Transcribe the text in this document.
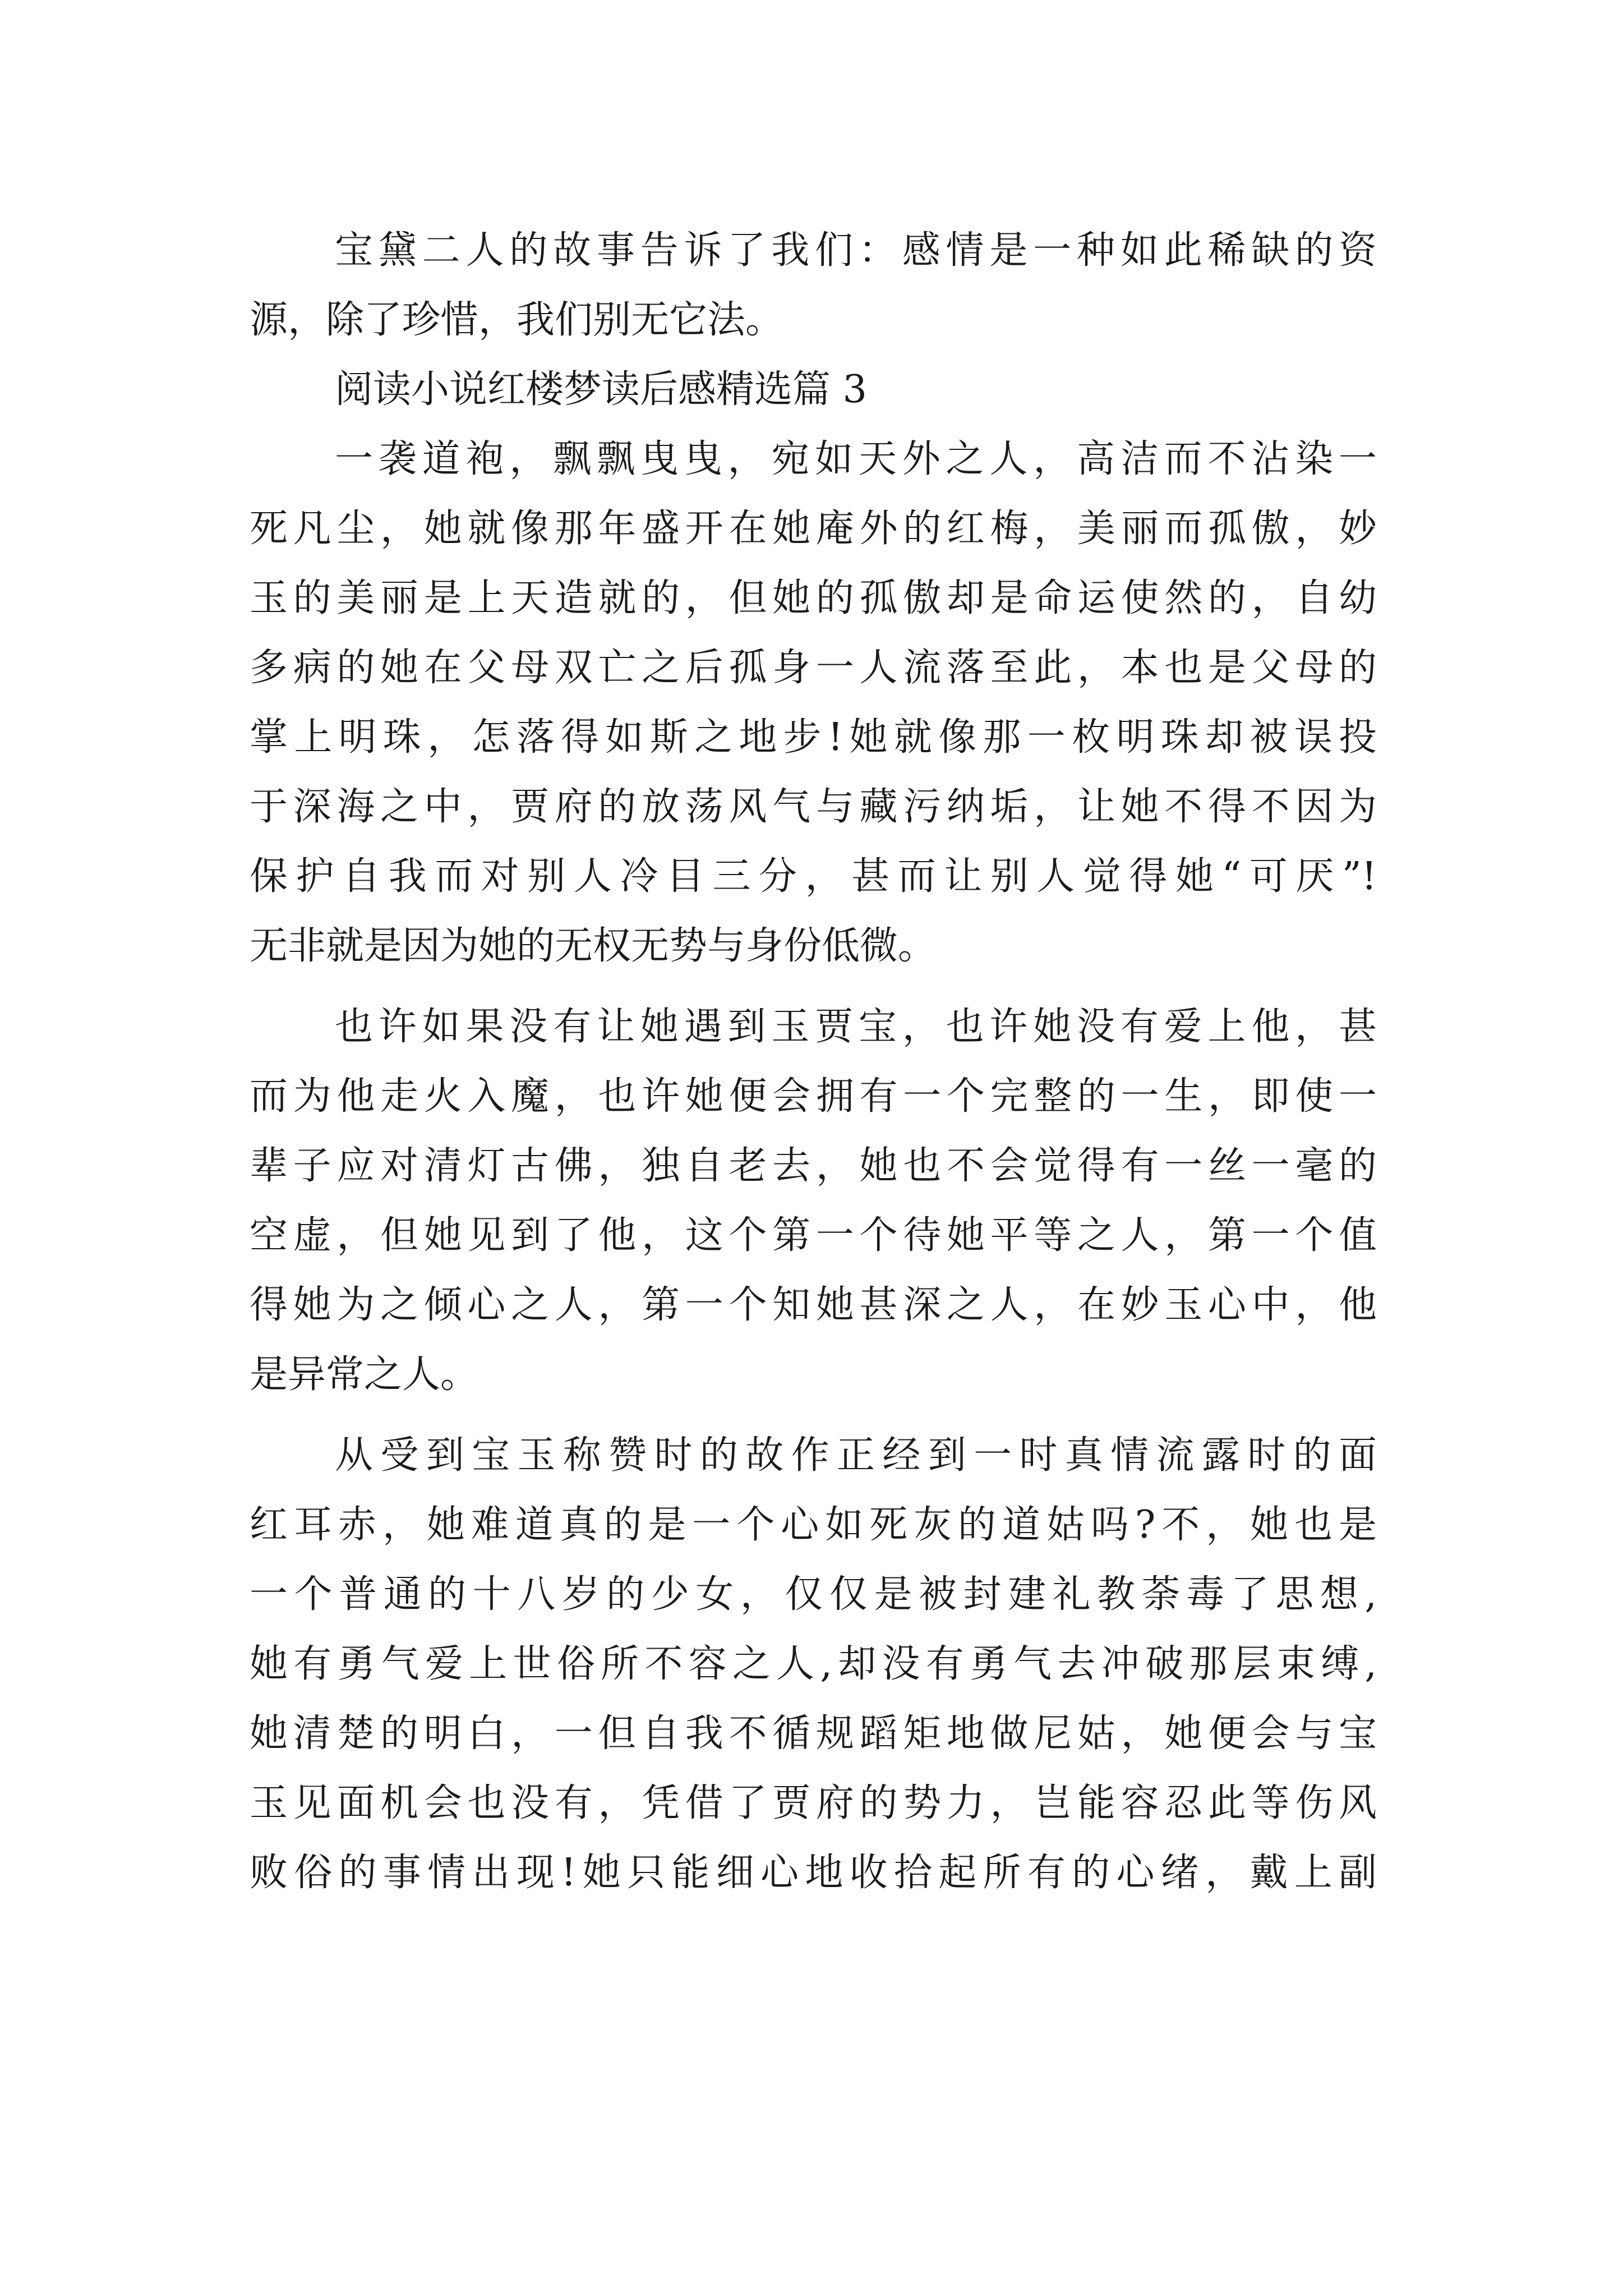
宝黛二人的故事告诉了我们：感情是一种如此稀缺的资
源，除了珍惜，我们别无它法。
阅读小说红楼梦读后感精选篇 3
一袭道袍，飘飘曳曳，宛如天外之人，高洁而不沾染一
死凡尘，她就像那年盛开在她庵外的红梅，美丽而孤傲，妙
玉的美丽是上天造就的，但她的孤傲却是命运使然的，自幼
多病的她在父母双亡之后孤身一人流落至此，本也是父母的
掌上明珠，怎落得如斯之地步!她就像那一枚明珠却被误投
于深海之中，贾府的放荡风气与藏污纳垢，让她不得不因为
保护自我而对别人冷目三分，甚而让别人觉得她“可厌”!
无非就是因为她的无权无势与身份低微。
也许如果没有让她遇到玉贾宝，也许她没有爱上他，甚
而为他走火入魔，也许她便会拥有一个完整的一生，即使一
辈子应对清灯古佛，独自老去，她也不会觉得有一丝一毫的
空虚，但她见到了他，这个第一个待她平等之人，第一个值
得她为之倾心之人，第一个知她甚深之人，在妙玉心中，他
是异常之人。
从受到宝玉称赞时的故作正经到一时真情流露时的面
红耳赤，她难道真的是一个心如死灰的道姑吗?不，她也是
一个普通的十八岁的少女，仅仅是被封建礼教荼毒了思想,
她有勇气爱上世俗所不容之人,却没有勇气去冲破那层束缚,
她清楚的明白，一但自我不循规蹈矩地做尼姑，她便会与宝
玉见面机会也没有，凭借了贾府的势力，岂能容忍此等伤风
败俗的事情出现!她只能细心地收拾起所有的心绪，戴上副
